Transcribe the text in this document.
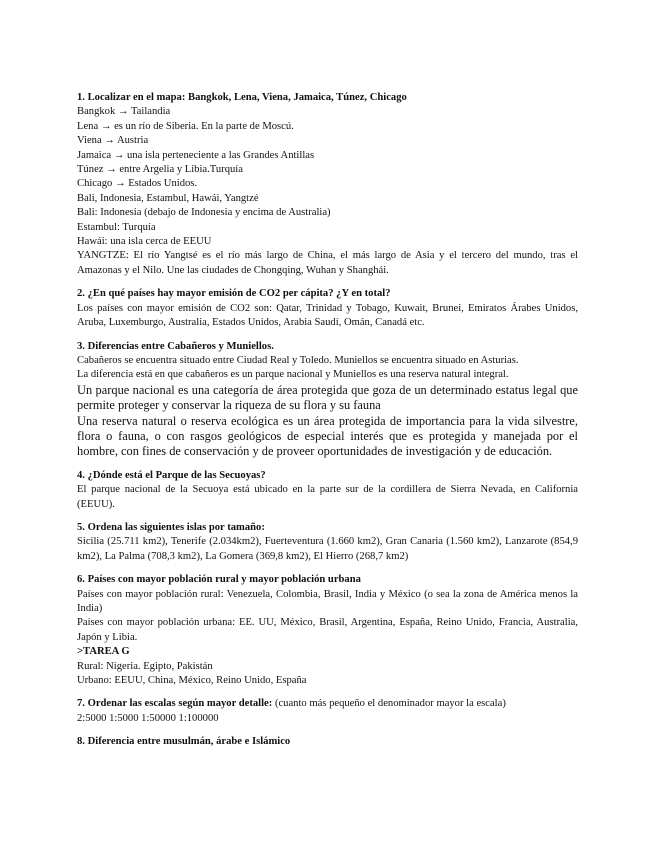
1. Localizar en el mapa: Bangkok, Lena, Viena, Jamaica, Túnez, Chicago
Bangkok → Tailandia
Lena → es un río de Siberia. En la parte de Moscú.
Viena → Austria
Jamaica → una isla perteneciente a las Grandes Antillas
Túnez → entre Argelia y Libia.Turquía
Chicago → Estados Unidos.
Bali, Indonesia, Estambul, Hawái, Yangtzé
Bali: Indonesia (debajo de Indonesia y encima de Australia)
Estambul: Turquía
Hawái: una isla cerca de EEUU
YANGTZE: El río Yangtsé es el río más largo de China, el más largo de Asia y el tercero del mundo, tras el Amazonas y el Nilo. Une las ciudades de Chongqing, Wuhan y Shanghái.
2. ¿En qué países hay mayor emisión de CO2 per cápita? ¿Y en total?
Los países con mayor emisión de CO2 son: Qatar, Trinidad y Tobago, Kuwait, Brunei, Emiratos Árabes Unidos, Aruba, Luxemburgo, Australia, Estados Unidos, Arabia Saudí, Omán, Canadá etc.
3. Diferencias entre Cabañeros y Muniellos.
Cabañeros se encuentra situado entre Ciudad Real y Toledo. Muniellos se encuentra situado en Asturias.
La diferencia está en que cabañeros es un parque nacional y Muniellos es una reserva natural integral.
Un parque nacional es una categoría de área protegida que goza de un determinado estatus legal que permite proteger y conservar la riqueza de su flora y su fauna
Una reserva natural o reserva ecológica es un área protegida de importancia para la vida silvestre, flora o fauna, o con rasgos geológicos de especial interés que es protegida y manejada por el hombre, con fines de conservación y de proveer oportunidades de investigación y de educación.
4. ¿Dónde está el Parque de las Secuoyas?
El parque nacional de la Secuoya está ubicado en la parte sur de la cordillera de Sierra Nevada, en California (EEUU).
5. Ordena las siguientes islas por tamaño:
Sicilia (25.711 km2), Tenerife (2.034km2), Fuerteventura (1.660 km2), Gran Canaria (1.560 km2), Lanzarote (854,9 km2), La Palma (708,3 km2), La Gomera (369,8 km2), El Hierro (268,7 km2)
6. Países con mayor población rural y mayor población urbana
Países con mayor población rural: Venezuela, Colombia, Brasil, India y México (o sea la zona de América menos la India)
Países con mayor población urbana: EE. UU, México, Brasil, Argentina, España, Reino Unido, Francia, Australia, Japón y Libia.
>TAREA G
Rural: Nigeria. Egipto, Pakistán
Urbano: EEUU, China, México, Reino Unido, España
7. Ordenar las escalas según mayor detalle: (cuanto más pequeño el denominador mayor la escala)
2:5000 1:5000 1:50000 1:100000
8. Diferencia entre musulmán, árabe e Islámico
